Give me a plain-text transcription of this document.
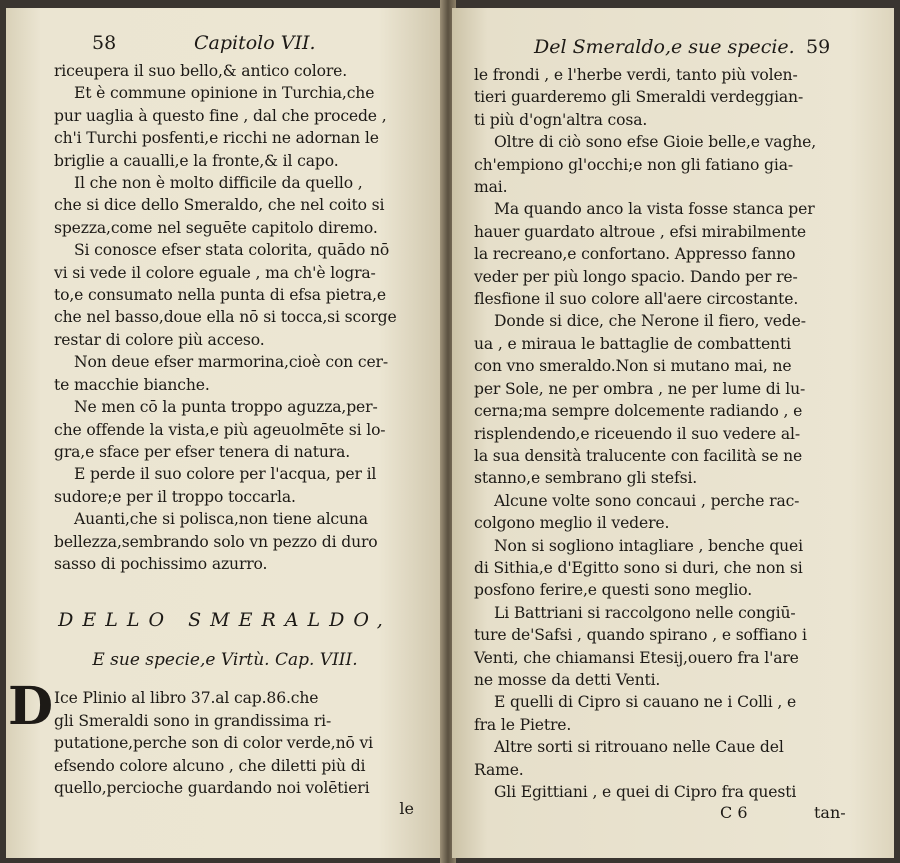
58	Capitolo VII.
riceupera il suo bello,& antico colore.
Et è commune opinione in Turchia,che
pur uaglia à questo fine , dal che procede ,
ch'i Turchi posfenti,e ricchi ne adornan le
briglie a caualli,e la fronte,& il capo.
Il che non è molto difficile da quello ,
che si dice dello Smeraldo, che nel coito si
spezza,come nel seguēte capitolo diremo.
Si conosce efser stata colorita, quādo nō
vi si vede il colore eguale , ma ch'è logra-
to,e consumato nella punta di efsa pietra,e
che nel basso,doue ella nō si tocca,si scorge
restar di colore più acceso.
Non deue efser marmorina,cioè con cer-
te macchie bianche.
Ne men cō la punta troppo aguzza,per-
che offende la vista,e più ageuolmēte si lo-
gra,e sface per efser tenera di natura.
E perde il suo colore per l'acqua, per il
sudore;e per il troppo toccarla.
Auanti,che si polisca,non tiene alcuna
bellezza,sembrando solo vn pezzo di duro
sasso di pochissimo azurro.
DELLO SMERALDO,
E sue specie,e Virtù. Cap. VIII.
D Ice Plinio al libro 37.al cap.86.che
gli Smeraldi sono in grandissima ri-
putatione,perche son di color verde,nō vi
efsendo colore alcuno , che diletti più di
quello,percioche guardando noi volētieri
le
Del Smeraldo,e sue specie. 59
le frondi , e l'herbe verdi, tanto più volen-
tieri guarderemo gli Smeraldi verdeggian-
ti più d'ogn'altra cosa.
Oltre di ciò sono efse Gioie belle,e vaghe,
ch'empiono gl'occhi;e non gli fatiano gia-
mai.
Ma quando anco la vista fosse stanca per
hauer guardato altroue , efsi mirabilmente
la recreano,e confortano. Appresso fanno
veder per più longo spacio. Dando per re-
flesfione il suo colore all'aere circostante.
Donde si dice, che Nerone il fiero, vede-
ua , e miraua le battaglie de combattenti
con vno smeraldo.Non si mutano mai, ne
per Sole, ne per ombra , ne per lume di lu-
cerna;ma sempre dolcemente radiando , e
risplendendo,e riceuendo il suo vedere al-
la sua densità tralucente con facilità se ne
stanno,e sembrano gli stefsi.
Alcune volte sono concaui , perche rac-
colgono meglio il vedere.
Non si sogliono intagliare , benche quei
di Sithia,e d'Egitto sono si duri, che non si
posfono ferire,e questi sono meglio.
Li Battriani si raccolgono nelle congiū-
ture de'Safsi , quando spirano , e soffiano i
Venti, che chiamansi Etesij,ouero fra l'are
ne mosse da detti Venti.
E quelli di Cipro si cauano ne i Colli , e
fra le Pietre.
Altre sorti si ritrouano nelle Caue del
Rame.
Gli Egittiani , e quei di Cipro fra questi
C 6	tan-
